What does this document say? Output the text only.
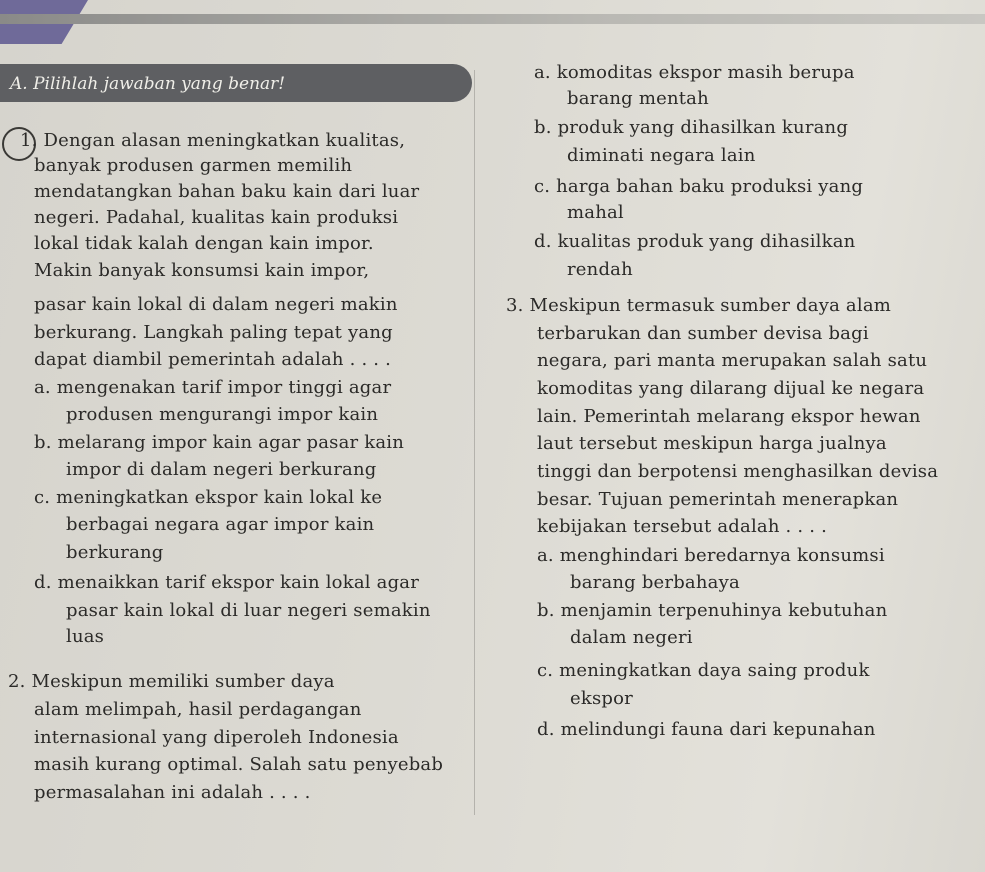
A. Pilihlah jawaban yang benar!
1. Dengan alasan meningkatkan kualitas,
banyak produsen garmen memilih
mendatangkan bahan baku kain dari luar
negeri. Padahal, kualitas kain produksi
lokal tidak kalah dengan kain impor.
Makin banyak konsumsi kain impor,
pasar kain lokal di dalam negeri makin
berkurang. Langkah paling tepat yang
dapat diambil pemerintah adalah . . . .
a. mengenakan tarif impor tinggi agar
produsen mengurangi impor kain
b. melarang impor kain agar pasar kain
impor di dalam negeri berkurang
c. meningkatkan ekspor kain lokal ke
berbagai negara agar impor kain
berkurang
d. menaikkan tarif ekspor kain lokal agar
pasar kain lokal di luar negeri semakin
luas
2. Meskipun memiliki sumber daya
alam melimpah, hasil perdagangan
internasional yang diperoleh Indonesia
masih kurang optimal. Salah satu penyebab
permasalahan ini adalah . . . .
a. komoditas ekspor masih berupa
barang mentah
b. produk yang dihasilkan kurang
diminati negara lain
c. harga bahan baku produksi yang
mahal
d. kualitas produk yang dihasilkan
rendah
3. Meskipun termasuk sumber daya alam
terbarukan dan sumber devisa bagi
negara, pari manta merupakan salah satu
komoditas yang dilarang dijual ke negara
lain. Pemerintah melarang ekspor hewan
laut tersebut meskipun harga jualnya
tinggi dan berpotensi menghasilkan devisa
besar. Tujuan pemerintah menerapkan
kebijakan tersebut adalah . . . .
a. menghindari beredarnya konsumsi
barang berbahaya
b. menjamin terpenuhinya kebutuhan
dalam negeri
c. meningkatkan daya saing produk
ekspor
d. melindungi fauna dari kepunahan
